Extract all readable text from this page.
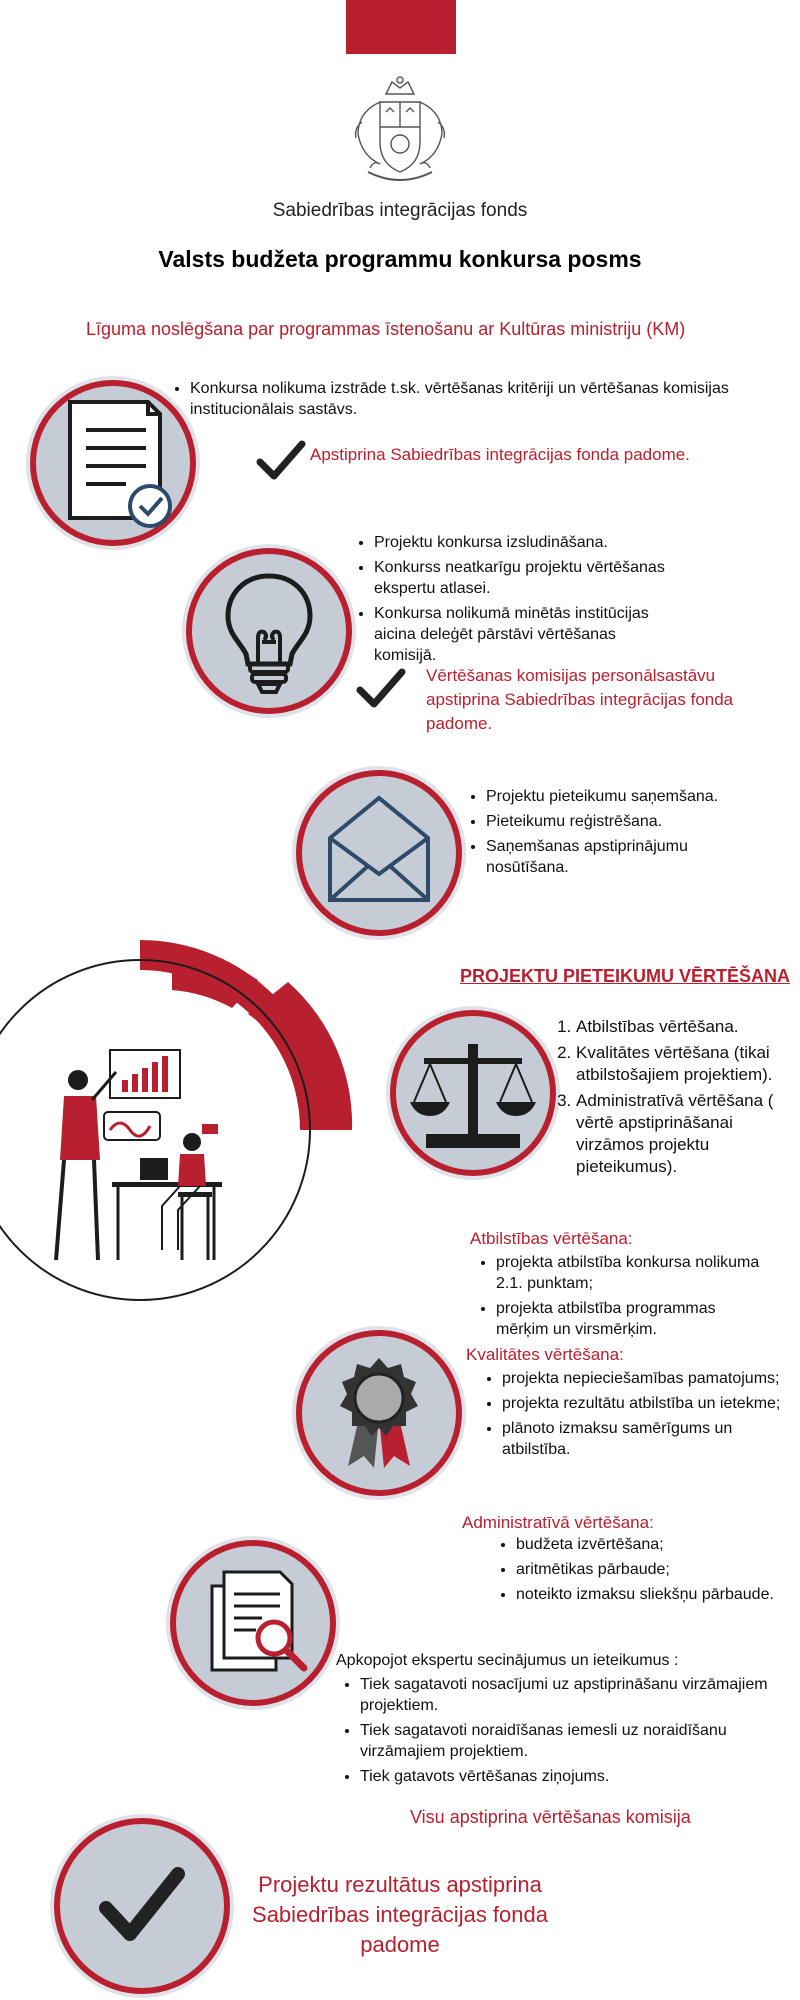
Sabiedrības integrācijas fonds
Valsts budžeta programmu konkursa posms
Līguma noslēgšana par programmas īstenošanu ar Kultūras ministriju (KM)
• Konkursa nolikuma izstrāde t.sk. vērtēšanas kritēriji un vērtēšanas komisijas institucionālais sastāvs.
Apstiprina Sabiedrības integrācijas fonda padome.
• Projektu konkursa izsludināšana.
• Konkurss neatkarīgu projektu vērtēšanas ekspertu atlasei.
• Konkursa nolikumā minētās institūcijas aicina deleģēt pārstāvi vērtēšanas komisijā.
Vērtēšanas komisijas personālsastāvu apstiprina Sabiedrības integrācijas fonda padome.
• Projektu pieteikumu saņemšana.
• Pieteikumu reģistrēšana.
• Saņemšanas apstiprinājumu nosūtīšana.
PROJEKTU PIETEIKUMU VĒRTĒŠANA
1. Atbilstības vērtēšana.
2. Kvalitātes vērtēšana (tikai atbilstošajiem projektiem).
3. Administratīvā vērtēšana ( vērtē apstiprināšanai virzāmos projektu pieteikumus).
Atbilstības vērtēšana:
• projekta atbilstība konkursa nolikuma 2.1. punktam;
• projekta atbilstība programmas mērķim un virsmērķim.
Kvalitātes vērtēšana:
• projekta nepieciešamības pamatojums;
• projekta rezultātu atbilstība un ietekme;
• plānoto izmaksu samērīgums un atbilstība.
Administratīvā vērtēšana:
• budžeta izvērtēšana;
• aritmētikas pārbaude;
• noteikto izmaksu sliekšņu pārbaude.
Apkopojot ekspertu secinājumus un ieteikumus :
• Tiek sagatavoti nosacījumi uz apstiprināšanu virzāmajiem projektiem.
• Tiek sagatavoti noraidīšanas iemesli uz noraidīšanu virzāmajiem projektiem.
• Tiek gatavots vērtēšanas ziņojums.
Visu apstiprina vērtēšanas komisija
Projektu rezultātus apstiprina Sabiedrības integrācijas fonda padome
